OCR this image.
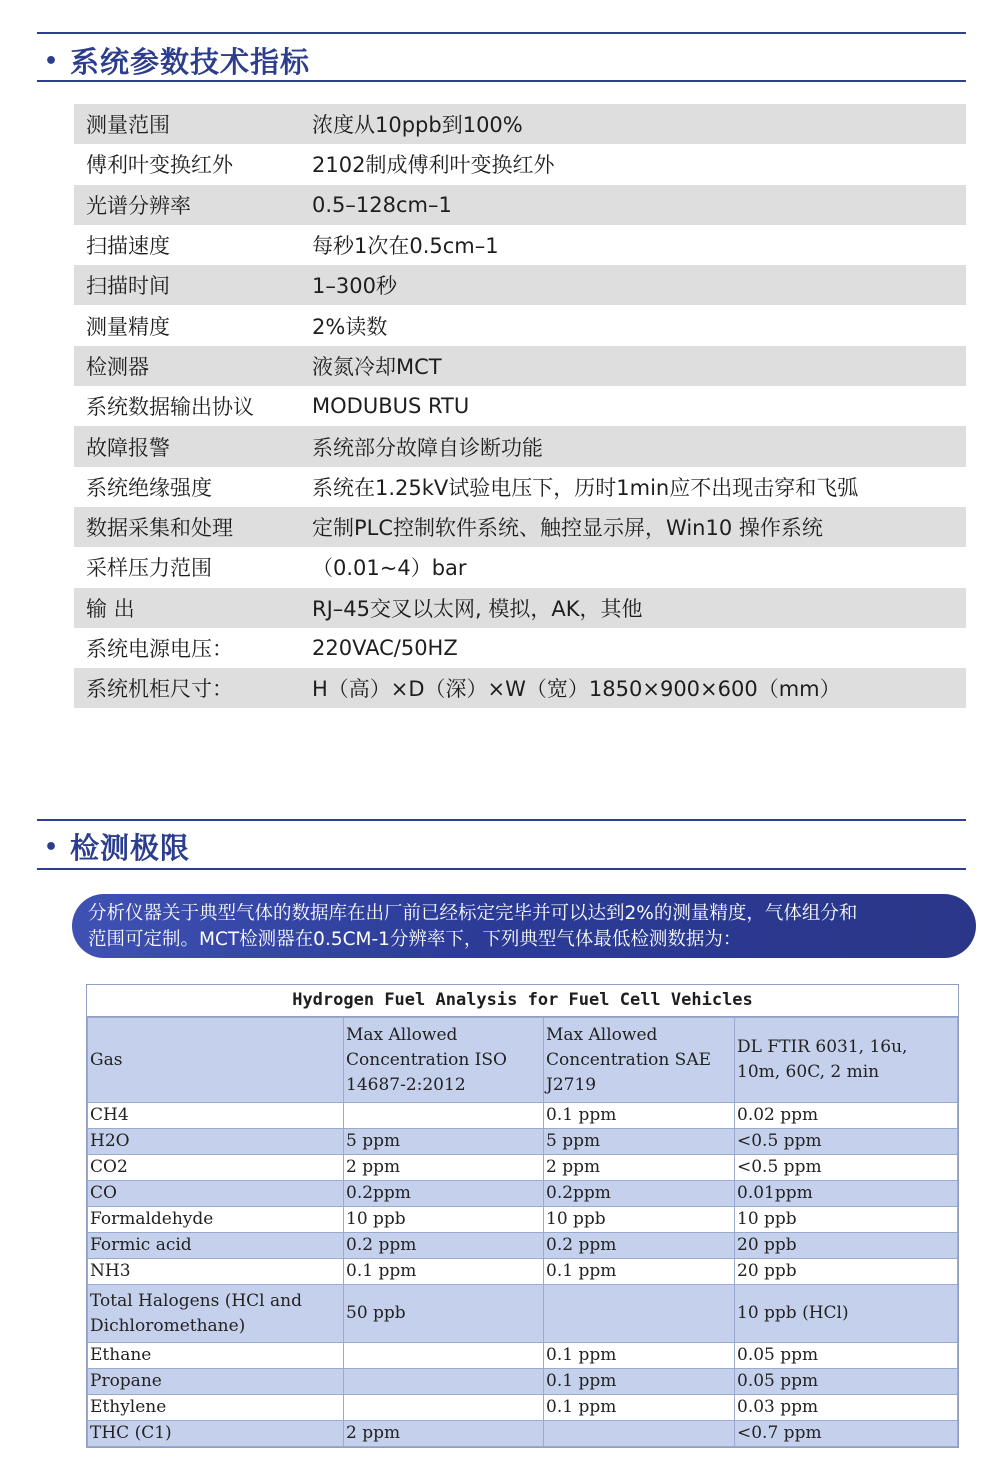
• 系统参数技术指标
测量范围	浓度从10ppb到100%
傅利叶变换红外	2102制成傅利叶变换红外
光谱分辨率	0.5–128cm–1
扫描速度	每秒1次在0.5cm–1
扫描时间	1–300秒
测量精度	2%读数
检测器	液氮冷却MCT
系统数据输出协议	MODUBUS RTU
故障报警	系统部分故障自诊断功能
系统绝缘强度	系统在1.25kV试验电压下，历时1min应不出现击穿和飞弧
数据采集和处理	定制PLC控制软件系统、触控显示屏，Win10 操作系统
采样压力范围	（0.01~4）bar
输 出	RJ–45交叉以太网, 模拟，AK，其他
系统电源电压：	220VAC/50HZ
系统机柜尺寸：	H（高）×D（深）×W（宽）1850×900×600（mm）
• 检测极限
分析仪器关于典型气体的数据库在出厂前已经标定完毕并可以达到2%的测量精度，气体组分和
范围可定制。MCT检测器在0.5CM-1分辨率下，下列典型气体最低检测数据为：
Hydrogen Fuel Analysis for Fuel Cell Vehicles
Gas	Max Allowed Concentration ISO 14687-2:2012	Max Allowed Concentration SAE J2719	DL FTIR 6031, 16u, 10m, 60C, 2 min
CH4		0.1 ppm	0.02 ppm
H2O	5 ppm	5 ppm	<0.5 ppm
CO2	2 ppm	2 ppm	<0.5 ppm
CO	0.2ppm	0.2ppm	0.01ppm
Formaldehyde	10 ppb	10 ppb	10 ppb
Formic acid	0.2 ppm	0.2 ppm	20 ppb
NH3	0.1 ppm	0.1 ppm	20 ppb
Total Halogens (HCl and Dichloromethane)	50 ppb		10 ppb (HCl)
Ethane		0.1 ppm	0.05 ppm
Propane		0.1 ppm	0.05 ppm
Ethylene		0.1 ppm	0.03 ppm
THC (C1)	2 ppm		<0.7 ppm
